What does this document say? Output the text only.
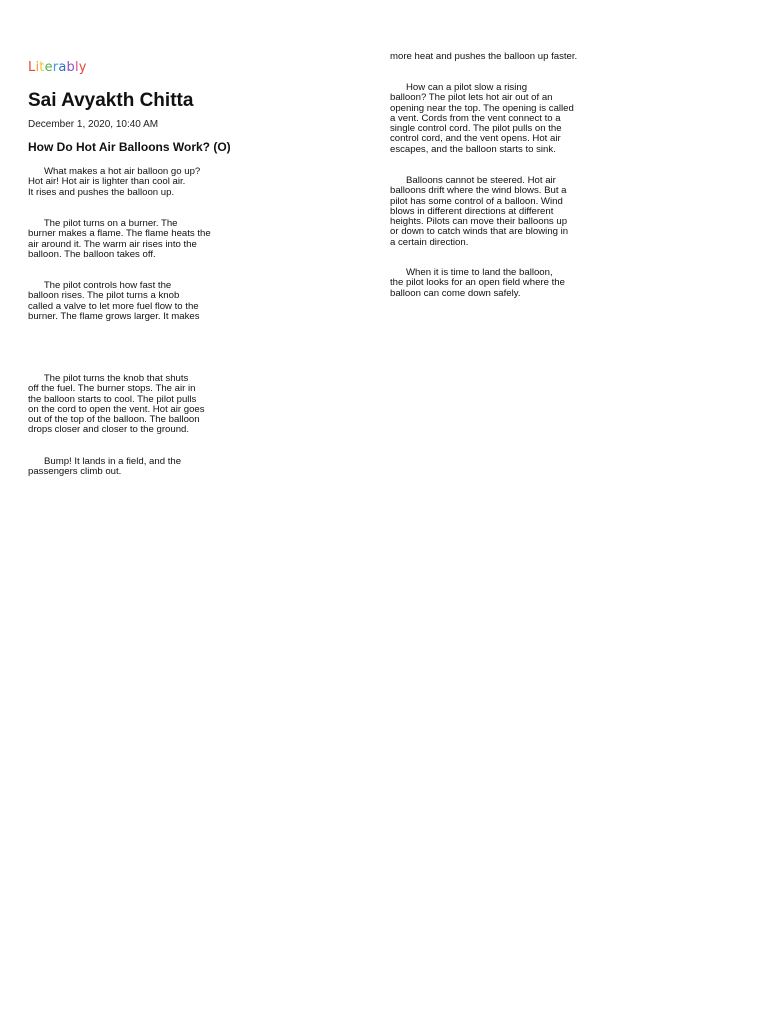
L i t e r a b l y
Sai Avyakth Chitta
December 1, 2020, 10:40 AM
How Do Hot Air Balloons Work? (O)

What makes a hot air balloon go up?
Hot air! Hot air is lighter than cool air.
It rises and pushes the balloon up.

The pilot turns on a burner. The
burner makes a flame. The flame heats the
air around it. The warm air rises into the
balloon. The balloon takes off.

The pilot controls how fast the
balloon rises. The pilot turns a knob
called a valve to let more fuel flow to the
burner. The flame grows larger. It makes

The pilot turns the knob that shuts
off the fuel. The burner stops. The air in
the balloon starts to cool. The pilot pulls
on the cord to open the vent. Hot air goes
out of the top of the balloon. The balloon
drops closer and closer to the ground.

Bump! It lands in a field, and the
passengers climb out.

more heat and pushes the balloon up faster.

How can a pilot slow a rising
balloon? The pilot lets hot air out of an
opening near the top. The opening is called
a vent. Cords from the vent connect to a
single control cord. The pilot pulls on the
control cord, and the vent opens. Hot air
escapes, and the balloon starts to sink.

Balloons cannot be steered. Hot air
balloons drift where the wind blows. But a
pilot has some control of a balloon. Wind
blows in different directions at different
heights. Pilots can move their balloons up
or down to catch winds that are blowing in
a certain direction.

When it is time to land the balloon,
the pilot looks for an open field where the
balloon can come down safely.
